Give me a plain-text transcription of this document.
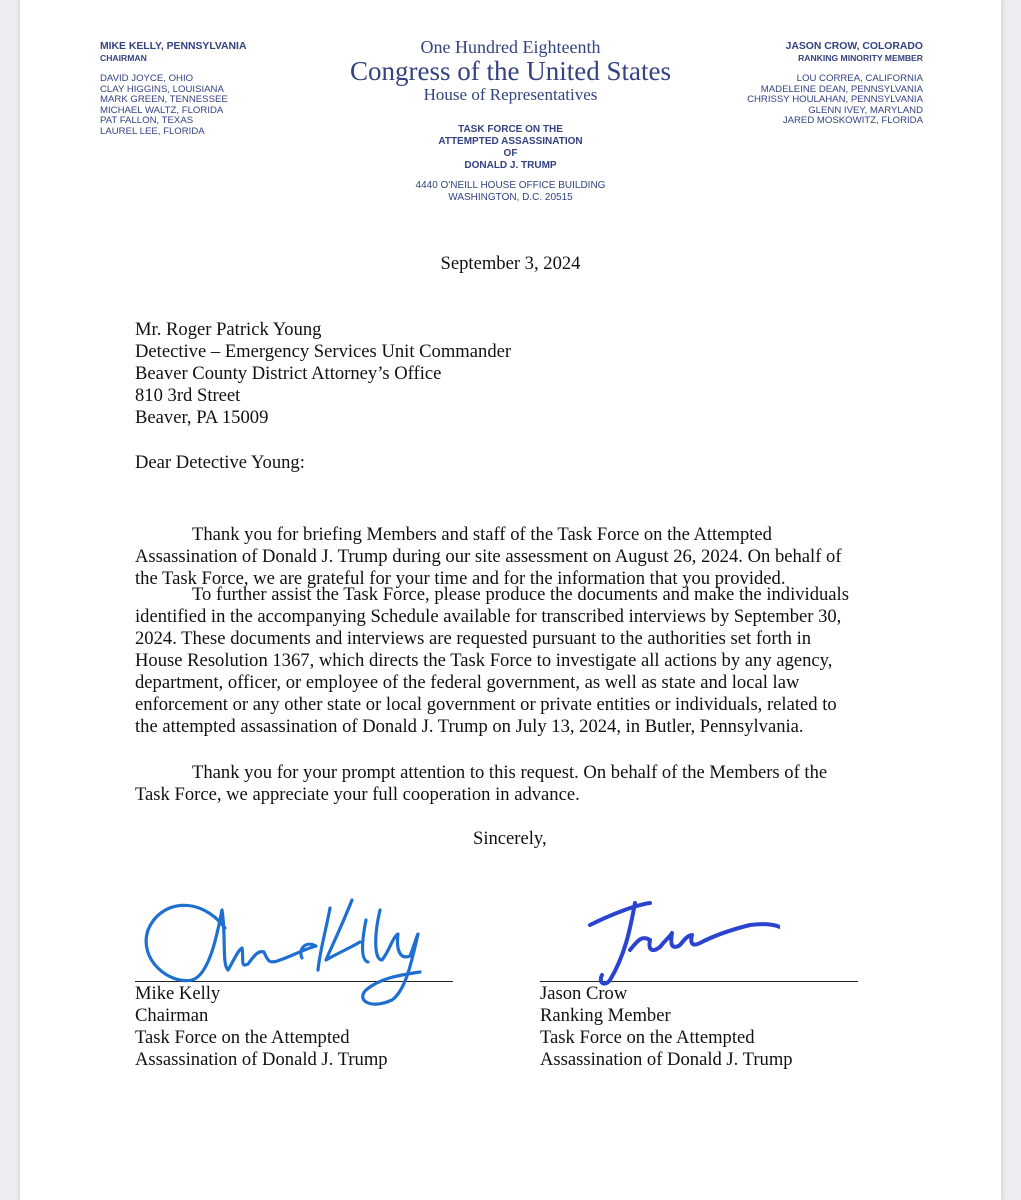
MIKE KELLY, PENNSYLVANIA
CHAIRMAN
DAVID JOYCE, OHIO
CLAY HIGGINS, LOUISIANA
MARK GREEN, TENNESSEE
MICHAEL WALTZ, FLORIDA
PAT FALLON, TEXAS
LAUREL LEE, FLORIDA
JASON CROW, COLORADO
RANKING MINORITY MEMBER
LOU CORREA, CALIFORNIA
MADELEINE DEAN, PENNSYLVANIA
CHRISSY HOULAHAN, PENNSYLVANIA
GLENN IVEY, MARYLAND
JARED MOSKOWITZ, FLORIDA
One Hundred Eighteenth
Congress of the United States
House of Representatives
TASK FORCE ON THE
ATTEMPTED ASSASSINATION
OF
DONALD J. TRUMP
4440 O'NEILL HOUSE OFFICE BUILDING
WASHINGTON, D.C. 20515
September 3, 2024
Mr. Roger Patrick Young
Detective – Emergency Services Unit Commander
Beaver County District Attorney’s Office
810 3rd Street
Beaver, PA 15009
Dear Detective Young:
Thank you for briefing Members and staff of the Task Force on the Attempted
Assassination of Donald J. Trump during our site assessment on August 26, 2024. On behalf of
the Task Force, we are grateful for your time and for the information that you provided.
To further assist the Task Force, please produce the documents and make the individuals
identified in the accompanying Schedule available for transcribed interviews by September 30,
2024. These documents and interviews are requested pursuant to the authorities set forth in
House Resolution 1367, which directs the Task Force to investigate all actions by any agency,
department, officer, or employee of the federal government, as well as state and local law
enforcement or any other state or local government or private entities or individuals, related to
the attempted assassination of Donald J. Trump on July 13, 2024, in Butler, Pennsylvania.
Thank you for your prompt attention to this request. On behalf of the Members of the
Task Force, we appreciate your full cooperation in advance.
Sincerely,
Mike Kelly
Chairman
Task Force on the Attempted
Assassination of Donald J. Trump
Jason Crow
Ranking Member
Task Force on the Attempted
Assassination of Donald J. Trump
